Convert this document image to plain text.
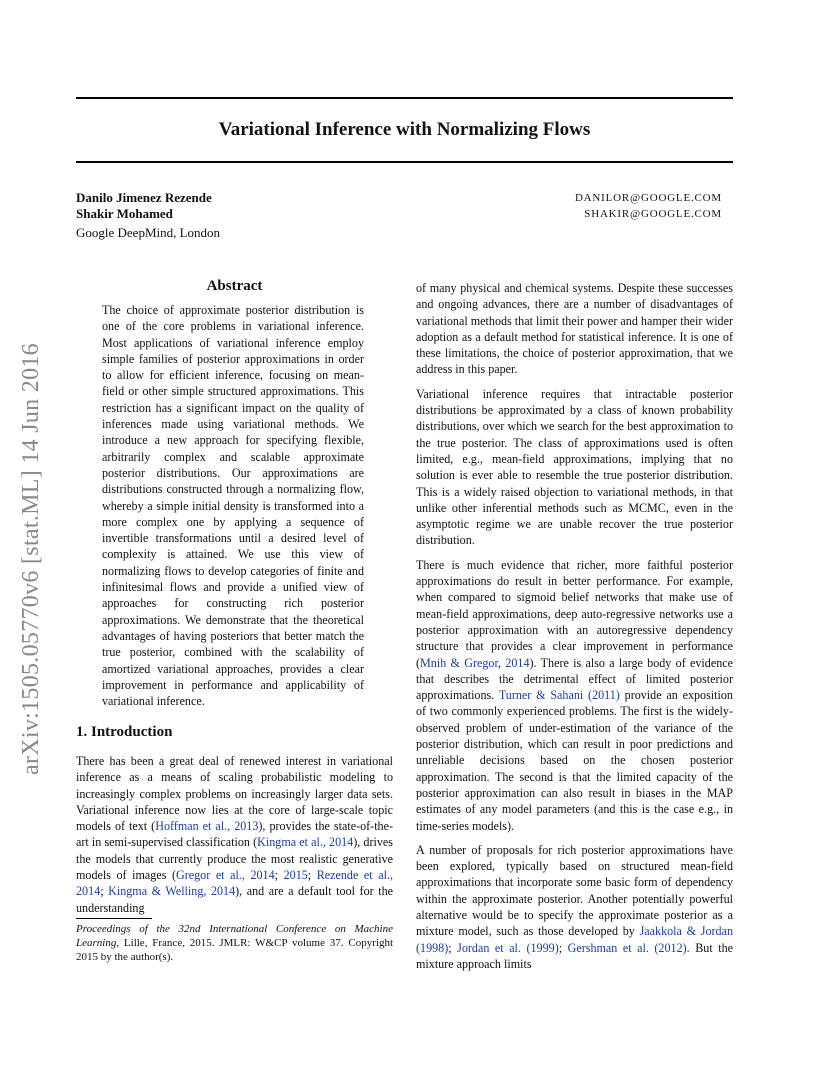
Variational Inference with Normalizing Flows
Danilo Jimenez Rezende
Shakir Mohamed
Google DeepMind, London
DANILOR@GOOGLE.COM
SHAKIR@GOOGLE.COM
arXiv:1505.05770v6 [stat.ML] 14 Jun 2016
Abstract
The choice of approximate posterior distribution is one of the core problems in variational inference. Most applications of variational inference employ simple families of posterior approximations in order to allow for efficient inference, focusing on mean-field or other simple structured approximations. This restriction has a significant impact on the quality of inferences made using variational methods. We introduce a new approach for specifying flexible, arbitrarily complex and scalable approximate posterior distributions. Our approximations are distributions constructed through a normalizing flow, whereby a simple initial density is transformed into a more complex one by applying a sequence of invertible transformations until a desired level of complexity is attained. We use this view of normalizing flows to develop categories of finite and infinitesimal flows and provide a unified view of approaches for constructing rich posterior approximations. We demonstrate that the theoretical advantages of having posteriors that better match the true posterior, combined with the scalability of amortized variational approaches, provides a clear improvement in performance and applicability of variational inference.
1. Introduction
There has been a great deal of renewed interest in variational inference as a means of scaling probabilistic modeling to increasingly complex problems on increasingly larger data sets. Variational inference now lies at the core of large-scale topic models of text (Hoffman et al., 2013), provides the state-of-the-art in semi-supervised classification (Kingma et al., 2014), drives the models that currently produce the most realistic generative models of images (Gregor et al., 2014; 2015; Rezende et al., 2014; Kingma & Welling, 2014), and are a default tool for the understanding
Proceedings of the 32nd International Conference on Machine Learning, Lille, France, 2015. JMLR: W&CP volume 37. Copyright 2015 by the author(s).

of many physical and chemical systems. Despite these successes and ongoing advances, there are a number of disadvantages of variational methods that limit their power and hamper their wider adoption as a default method for statistical inference. It is one of these limitations, the choice of posterior approximation, that we address in this paper.

Variational inference requires that intractable posterior distributions be approximated by a class of known probability distributions, over which we search for the best approximation to the true posterior. The class of approximations used is often limited, e.g., mean-field approximations, implying that no solution is ever able to resemble the true posterior distribution. This is a widely raised objection to variational methods, in that unlike other inferential methods such as MCMC, even in the asymptotic regime we are unable recover the true posterior distribution.

There is much evidence that richer, more faithful posterior approximations do result in better performance. For example, when compared to sigmoid belief networks that make use of mean-field approximations, deep auto-regressive networks use a posterior approximation with an autoregressive dependency structure that provides a clear improvement in performance (Mnih & Gregor, 2014). There is also a large body of evidence that describes the detrimental effect of limited posterior approximations. Turner & Sahani (2011) provide an exposition of two commonly experienced problems. The first is the widely-observed problem of under-estimation of the variance of the posterior distribution, which can result in poor predictions and unreliable decisions based on the chosen posterior approximation. The second is that the limited capacity of the posterior approximation can also result in biases in the MAP estimates of any model parameters (and this is the case e.g., in time-series models).

A number of proposals for rich posterior approximations have been explored, typically based on structured mean-field approximations that incorporate some basic form of dependency within the approximate posterior. Another potentially powerful alternative would be to specify the approximate posterior as a mixture model, such as those developed by Jaakkola & Jordan (1998); Jordan et al. (1999); Gershman et al. (2012). But the mixture approach limits
